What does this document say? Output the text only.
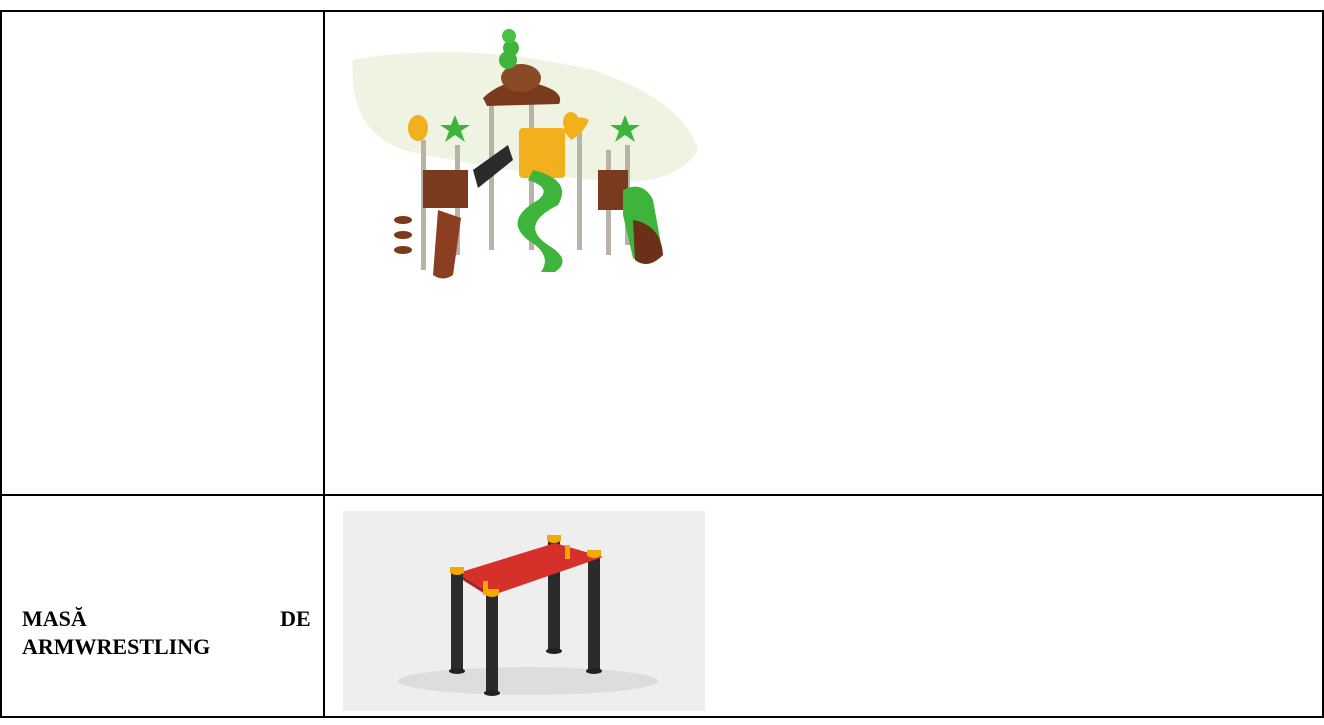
MASĂ DE
ARMWRESTLING
